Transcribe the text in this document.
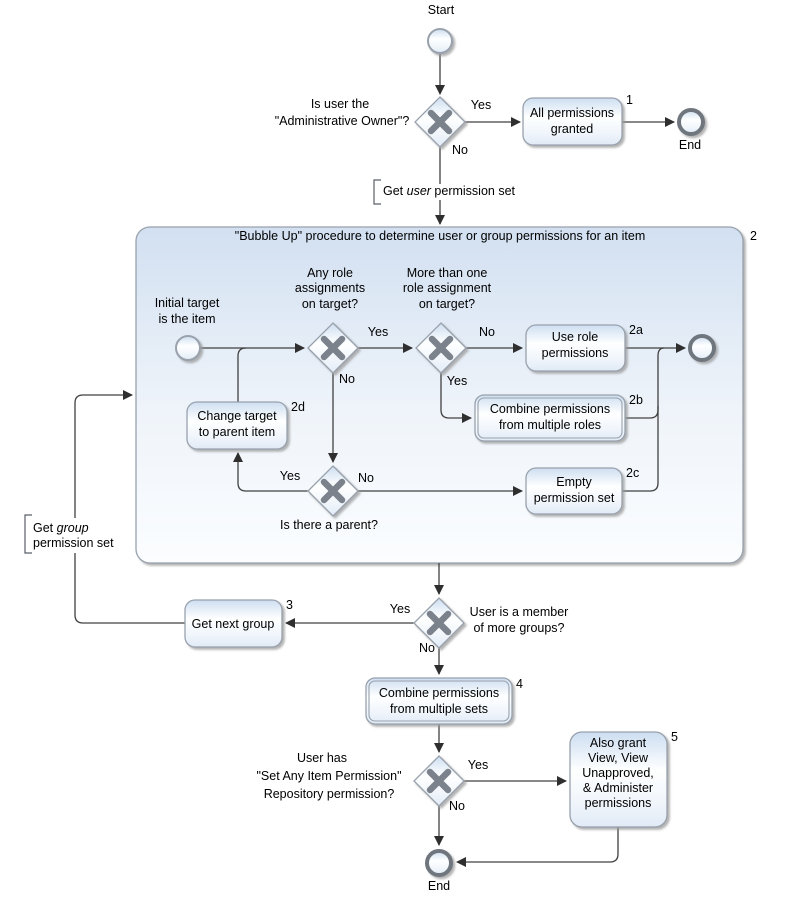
Get user permission set
Get group
permission set
Start
End
End
Is user the
"Administrative Owner"?
Yes
No
All permissions
granted
1
"Bubble Up" procedure to determine user or group permissions for an item	2
Initial target
is the item
Any role
assignments
on target?
Yes
No
More than one
role assignment
on target?
No
Yes
Use role
permissions
2a
Combine permissions
from multiple roles
2b
Empty
permission set
2c
Change target
to parent item
2d
Yes	No
Is there a parent?
Yes	User is a member
of more groups?
No
Get next group
3
Combine permissions
from multiple sets
4
User has
"Set Any Item Permission"
Repository permission?
Yes
No
Also grant
View, View
Unapproved,
& Administer
permissions
5
